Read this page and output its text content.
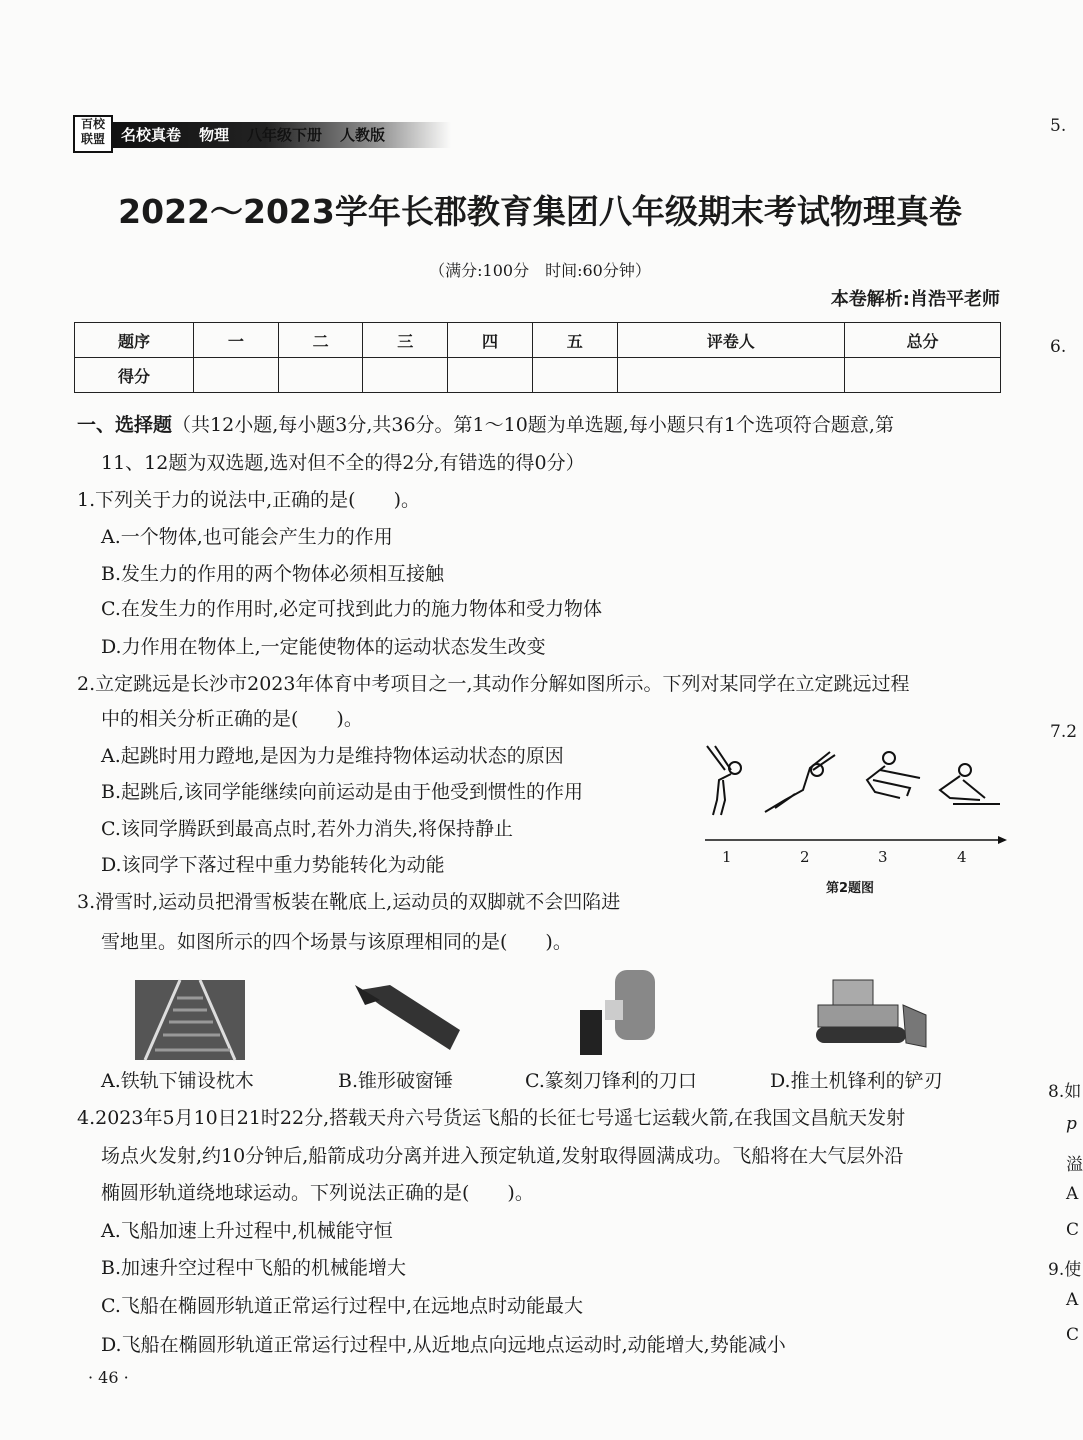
百校
联盟	名校真卷 物理 八年级下册 人教版
2022～2023学年长郡教育集团八年级期末考试物理真卷
（满分:100分　时间:60分钟）
本卷解析:肖浩平老师
题序	一	二	三	四	五	评卷人	总分
得分							
一、选择题（共12小题,每小题3分,共36分。第1～10题为单选题,每小题只有1个选项符合题意,第
11、12题为双选题,选对但不全的得2分,有错选的得0分）
1.下列关于力的说法中,正确的是(　　)。
A.一个物体,也可能会产生力的作用
B.发生力的作用的两个物体必须相互接触
C.在发生力的作用时,必定可找到此力的施力物体和受力物体
D.力作用在物体上,一定能使物体的运动状态发生改变
2.立定跳远是长沙市2023年体育中考项目之一,其动作分解如图所示。下列对某同学在立定跳远过程
中的相关分析正确的是(　　)。
A.起跳时用力蹬地,是因为力是维持物体运动状态的原因
B.起跳后,该同学能继续向前运动是由于他受到惯性的作用
C.该同学腾跃到最高点时,若外力消失,将保持静止
D.该同学下落过程中重力势能转化为动能	1	2	3	4
第2题图
3.滑雪时,运动员把滑雪板装在靴底上,运动员的双脚就不会凹陷进
雪地里。如图所示的四个场景与该原理相同的是(　　)。
A.铁轨下铺设枕木	B.锥形破窗锤	C.篆刻刀锋利的刀口	D.推土机锋利的铲刃
4.2023年5月10日21时22分,搭载天舟六号货运飞船的长征七号遥七运载火箭,在我国文昌航天发射
场点火发射,约10分钟后,船箭成功分离并进入预定轨道,发射取得圆满成功。飞船将在大气层外沿
椭圆形轨道绕地球运动。下列说法正确的是(　　)。
A.飞船加速上升过程中,机械能守恒
B.加速升空过程中飞船的机械能增大
C.飞船在椭圆形轨道正常运行过程中,在远地点时动能最大
D.飞船在椭圆形轨道正常运行过程中,从近地点向远地点运动时,动能增大,势能减小
· 46 ·
5.
6.
7.2
8.如
p
溢
A
C
9.使
A
C
